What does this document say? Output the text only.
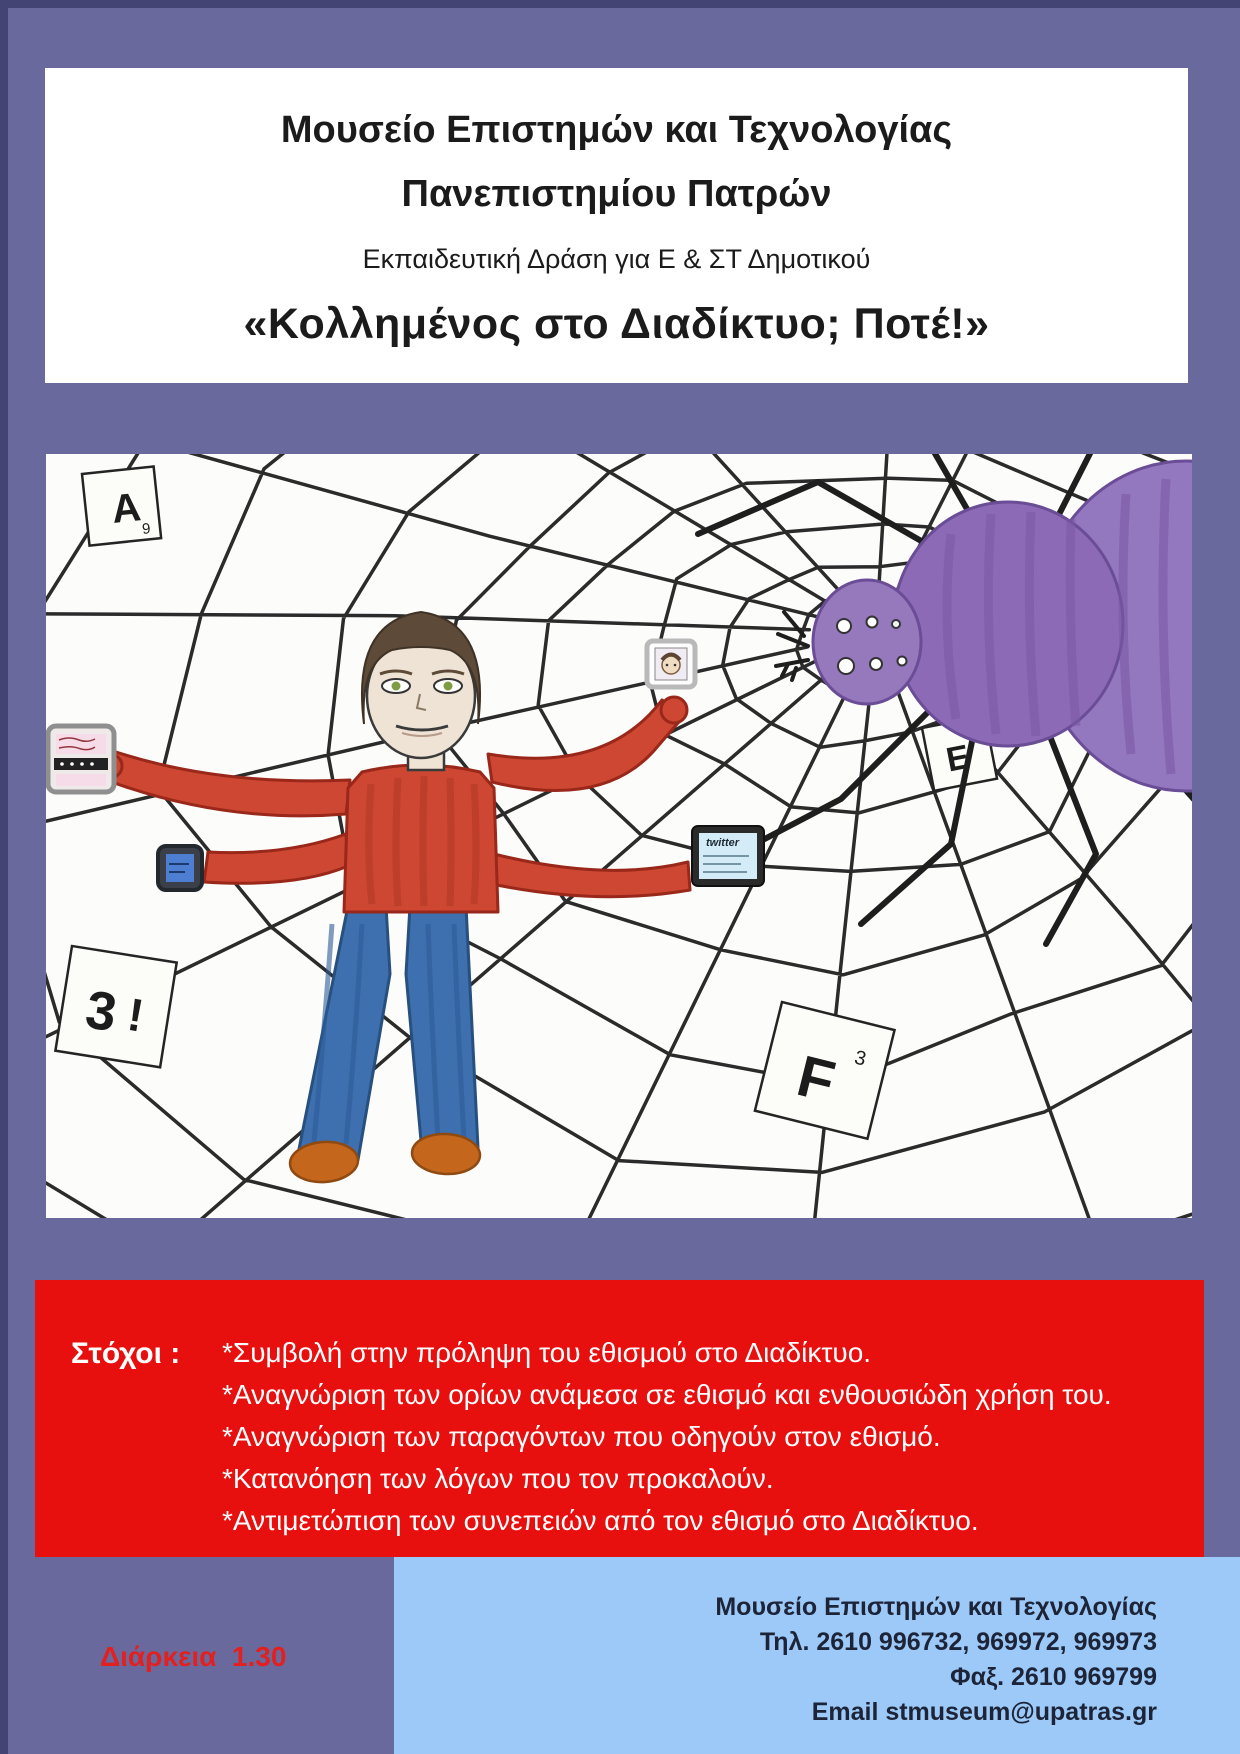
Μουσείο Επιστημών και Τεχνολογίας
Πανεπιστημίου Πατρών
Εκπαιδευτική Δράση για Ε & ΣΤ Δημοτικού
«Κολλημένος στο Διαδίκτυο; Ποτέ!»
A
9
3 !
F 3
E
twitter
Στόχοι : *Συμβολή στην πρόληψη του εθισμού στο Διαδίκτυο.
*Αναγνώριση των ορίων ανάμεσα σε εθισμό και ενθουσιώδη χρήση του.
*Αναγνώριση των παραγόντων που οδηγούν στον εθισμό.
*Κατανόηση των λόγων που τον προκαλούν.
*Αντιμετώπιση των συνεπειών από τον εθισμό στο Διαδίκτυο.
Διάρκεια  1.30
Μουσείο Επιστημών και Τεχνολογίας
Τηλ. 2610 996732, 969972, 969973
Φαξ. 2610 969799
Email stmuseum@upatras.gr
